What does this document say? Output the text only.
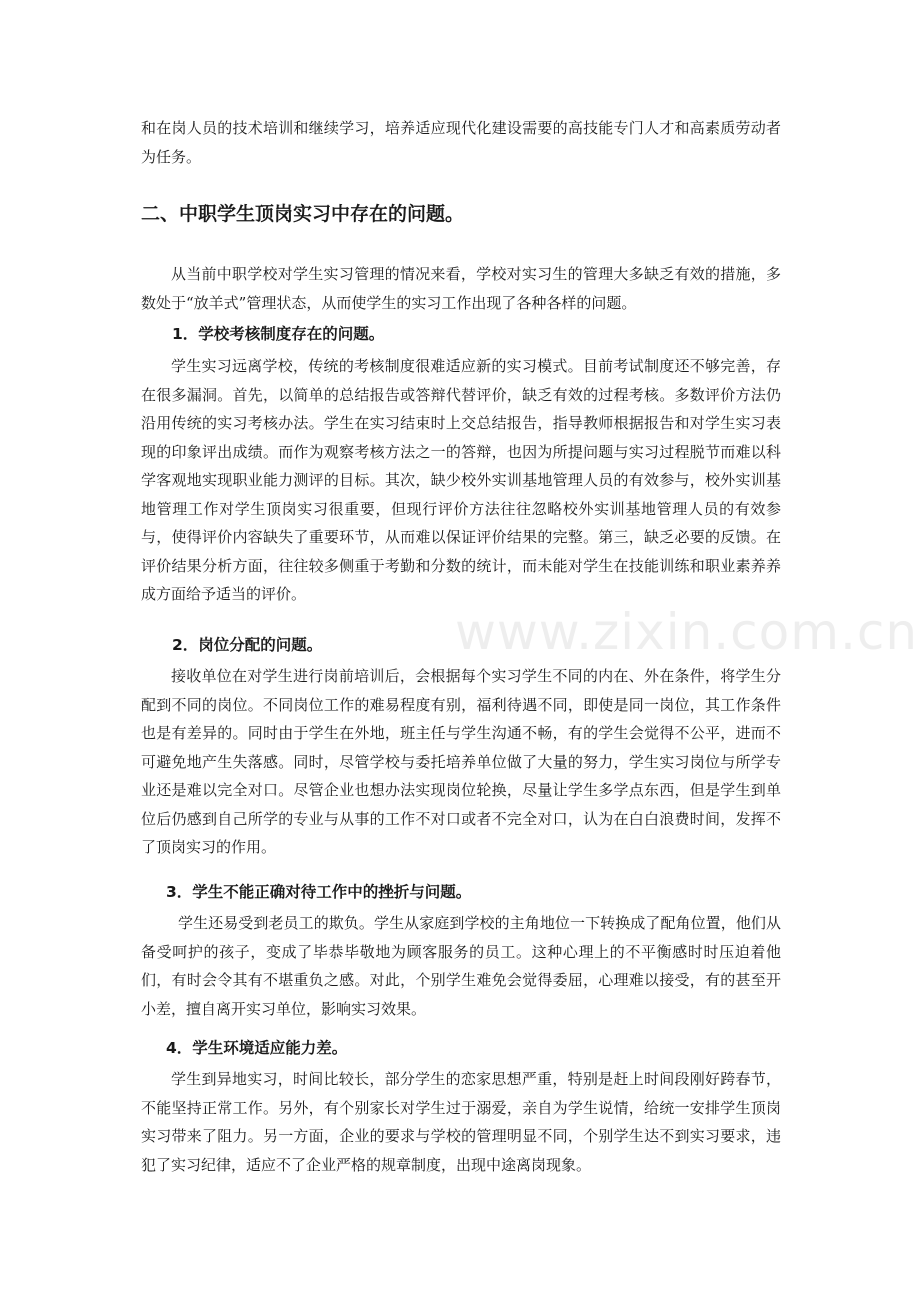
和在岗人员的技术培训和继续学习，培养适应现代化建设需要的高技能专门人才和高素质劳动者为任务。

二、中职学生顶岗实习中存在的问题。

从当前中职学校对学生实习管理的情况来看，学校对实习生的管理大多缺乏有效的措施，多数处于“放羊式”管理状态，从而使学生的实习工作出现了各种各样的问题。

1．学校考核制度存在的问题。

学生实习远离学校，传统的考核制度很难适应新的实习模式。目前考试制度还不够完善，存在很多漏洞。首先，以简单的总结报告或答辩代替评价，缺乏有效的过程考核。多数评价方法仍沿用传统的实习考核办法。学生在实习结束时上交总结报告，指导教师根据报告和对学生实习表现的印象评出成绩。而作为观察考核方法之一的答辩，也因为所提问题与实习过程脱节而难以科学客观地实现职业能力测评的目标。其次，缺少校外实训基地管理人员的有效参与，校外实训基地管理工作对学生顶岗实习很重要，但现行评价方法往往忽略校外实训基地管理人员的有效参与，使得评价内容缺失了重要环节，从而难以保证评价结果的完整。第三，缺乏必要的反馈。在评价结果分析方面，往往较多侧重于考勤和分数的统计，而未能对学生在技能训练和职业素养养成方面给予适当的评价。

2．岗位分配的问题。

接收单位在对学生进行岗前培训后，会根据每个实习学生不同的内在、外在条件，将学生分配到不同的岗位。不同岗位工作的难易程度有别，福利待遇不同，即使是同一岗位，其工作条件也是有差异的。同时由于学生在外地，班主任与学生沟通不畅，有的学生会觉得不公平，进而不可避免地产生失落感。同时，尽管学校与委托培养单位做了大量的努力，学生实习岗位与所学专业还是难以完全对口。尽管企业也想办法实现岗位轮换，尽量让学生多学点东西，但是学生到单位后仍感到自己所学的专业与从事的工作不对口或者不完全对口，认为在白白浪费时间，发挥不了顶岗实习的作用。

3．学生不能正确对待工作中的挫折与问题。

学生还易受到老员工的欺负。学生从家庭到学校的主角地位一下转换成了配角位置，他们从备受呵护的孩子，变成了毕恭毕敬地为顾客服务的员工。这种心理上的不平衡感时时压迫着他们，有时会令其有不堪重负之感。对此，个别学生难免会觉得委屈，心理难以接受，有的甚至开小差，擅自离开实习单位，影响实习效果。

4．学生环境适应能力差。

学生到异地实习，时间比较长，部分学生的恋家思想严重，特别是赶上时间段刚好跨春节，不能坚持正常工作。另外，有个别家长对学生过于溺爱，亲自为学生说情，给统一安排学生顶岗实习带来了阻力。另一方面，企业的要求与学校的管理明显不同，个别学生达不到实习要求，违犯了实习纪律，适应不了企业严格的规章制度，出现中途离岗现象。

www.zixin.com.cn
